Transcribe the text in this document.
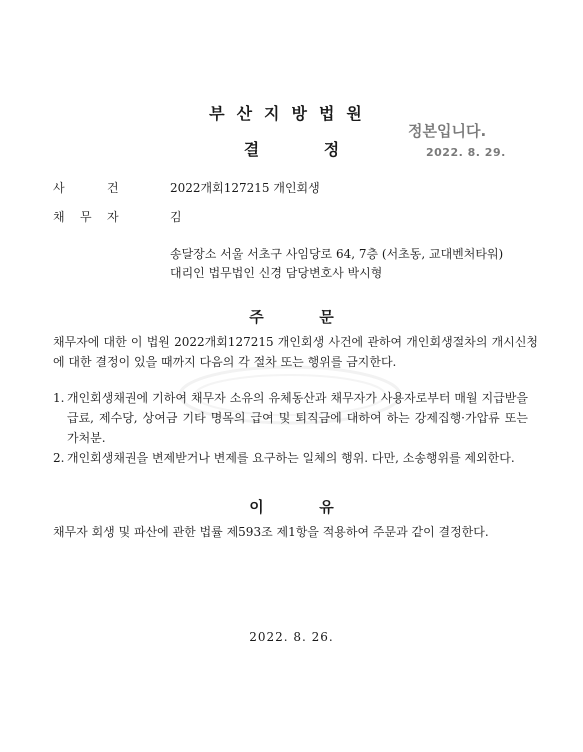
부산지방법원
결	정
정본입니다.
2022. 8. 29.
사	건	2022개회127215 개인회생
채 무 자	김
송달장소 서울 서초구 사임당로 64, 7층 (서초동, 교대벤처타워)
대리인 법무법인 신경 담당변호사 박시형
주	문
채무자에 대한 이 법원 2022개회127215 개인회생 사건에 관하여 개인회생절차의 개시신청에 대한 결정이 있을 때까지 다음의 각 절차 또는 행위를 금지한다.
1. 개인회생채권에 기하여 채무자 소유의 유체동산과 채무자가 사용자로부터 매월 지급받을 급료, 제수당, 상여금 기타 명목의 급여 및 퇴직금에 대하여 하는 강제집행·가압류 또는 가처분.
2. 개인회생채권을 변제받거나 변제를 요구하는 일체의 행위. 다만, 소송행위를 제외한다.
이	유
채무자 회생 및 파산에 관한 법률 제593조 제1항을 적용하여 주문과 같이 결정한다.
2022. 8. 26.
